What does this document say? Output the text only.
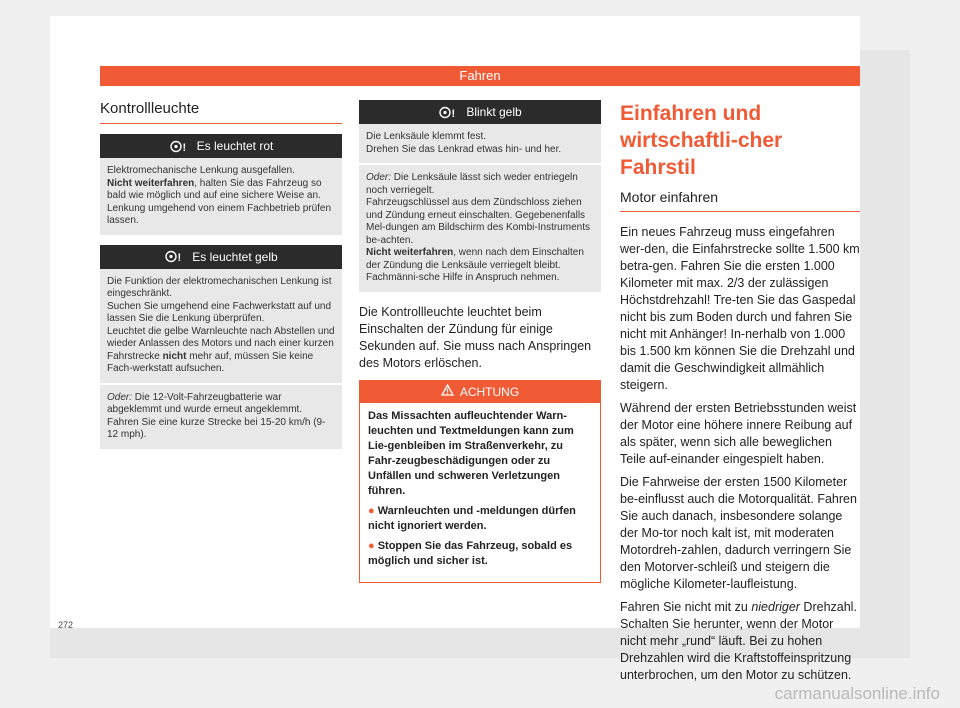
Fahren
Kontrollleuchte
! Es leuchtet rot

Elektromechanische Lenkung ausgefallen.

Nicht weiterfahren, halten Sie das Fahrzeug so bald wie möglich und auf eine sichere Weise an.

Lenkung umgehend von einem Fachbetrieb prüfen lassen.

! Es leuchtet gelb

Die Funktion der elektromechanischen Lenkung ist eingeschränkt.

Suchen Sie umgehend eine Fachwerkstatt auf und lassen Sie die Lenkung überprüfen.

Leuchtet die gelbe Warnleuchte nach Abstellen und wieder Anlassen des Motors und nach einer kurzen Fahrstrecke nicht mehr auf, müssen Sie keine Fach-werkstatt aufsuchen.

Oder: Die 12-Volt-Fahrzeugbatterie war abgeklemmt und wurde erneut angeklemmt.

Fahren Sie eine kurze Strecke bei 15-20 km/h (9-12 mph).

! Blinkt gelb

Die Lenksäule klemmt fest.

Drehen Sie das Lenkrad etwas hin- und her.

Oder: Die Lenksäule lässt sich weder entriegeln noch verriegelt.

Fahrzeugschlüssel aus dem Zündschloss ziehen und Zündung erneut einschalten. Gegebenenfalls Mel-dungen am Bildschirm des Kombi-Instruments be-achten.

Nicht weiterfahren, wenn nach dem Einschalten der Zündung die Lenksäule verriegelt bleibt. Fachmänni-sche Hilfe in Anspruch nehmen.

Die Kontrollleuchte leuchtet beim Einschalten der Zündung für einige Sekunden auf. Sie muss nach Anspringen des Motors erlöschen.

ACHTUNG

Das Missachten aufleuchtender Warn-leuchten und Textmeldungen kann zum Lie-genbleiben im Straßenverkehr, zu Fahr-zeugbeschädigungen oder zu Unfällen und schweren Verletzungen führen.

● Warnleuchten und -meldungen dürfen nicht ignoriert werden.

● Stoppen Sie das Fahrzeug, sobald es möglich und sicher ist.

Einfahren und wirtschaftli-cher Fahrstil
Motor einfahren

Ein neues Fahrzeug muss eingefahren wer-den, die Einfahrstrecke sollte 1.500 km betra-gen. Fahren Sie die ersten 1.000 Kilometer mit max. 2/3 der zulässigen Höchstdrehzahl! Tre-ten Sie das Gaspedal nicht bis zum Boden durch und fahren Sie nicht mit Anhänger! In-nerhalb von 1.000 bis 1.500 km können Sie die Drehzahl und damit die Geschwindigkeit allmählich steigern.

Während der ersten Betriebsstunden weist der Motor eine höhere innere Reibung auf als später, wenn sich alle beweglichen Teile auf-einander eingespielt haben.

Die Fahrweise der ersten 1500 Kilometer be-einflusst auch die Motorqualität. Fahren Sie auch danach, insbesondere solange der Mo-tor noch kalt ist, mit moderaten Motordreh-zahlen, dadurch verringern Sie den Motorver-schleiß und steigern die mögliche Kilometer-laufleistung.

Fahren Sie nicht mit zu niedriger Drehzahl. Schalten Sie herunter, wenn der Motor nicht mehr „rund“ läuft. Bei zu hohen Drehzahlen wird die Kraftstoffeinspritzung unterbrochen, um den Motor zu schützen.

272
carmanualsonline.info
